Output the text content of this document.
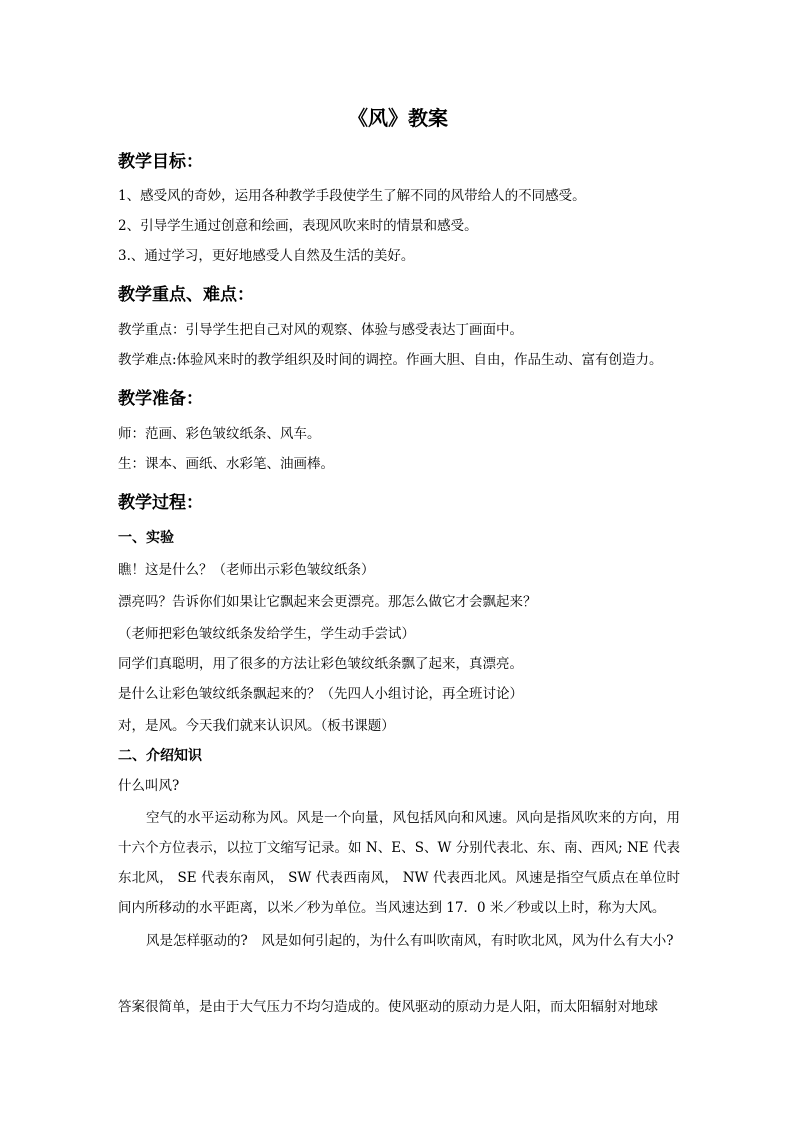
《风》教案
教学目标：
1、感受风的奇妙，运用各种教学手段使学生了解不同的风带给人的不同感受。
2、引导学生通过创意和绘画，表现风吹来时的情景和感受。
3.、通过学习，更好地感受人自然及生活的美好。
教学重点、难点：
教学重点：引导学生把自己对风的观察、体验与感受表达丁画面中。
教学难点:体验风来时的教学组织及时间的调控。作画大胆、自由，作品生动、富有创造力。
教学准备：
师：范画、彩色皱纹纸条、风车。
生：课本、画纸、水彩笔、油画棒。
教学过程：
一、实验
瞧！这是什么？（老师出示彩色皱纹纸条）
漂亮吗？告诉你们如果让它飘起来会更漂亮。那怎么做它才会飘起来？
（老师把彩色皱纹纸条发给学生，学生动手尝试）
同学们真聪明，用了很多的方法让彩色皱纹纸条飘了起来，真漂亮。
是什么让彩色皱纹纸条飘起来的？（先四人小组讨论，再全班讨论）
对，是风。今天我们就来认识风。（板书课题）
二、介绍知识
什么叫风?
空气的水平运动称为风。风是一个向量，风包括风向和风速。风向是指风吹来的方向，用十六个方位表示，以拉丁文缩写记录。如 N、E、S、W 分别代表北、东、南、西风; NE 代表东北风， SE 代表东南风， SW 代表西南风， NW 代表西北风。风速是指空气质点在单位时间内所移动的水平距离，以米／秒为单位。当风速达到 17．0 米／秒或以上时，称为大风。
风是怎样驱动的?　风是如何引起的，为什么有叫吹南风，有时吹北风，风为什么有大小?
答案很简单，是由于大气压力不均匀造成的。使风驱动的原动力是人阳，而太阳辐射对地球
